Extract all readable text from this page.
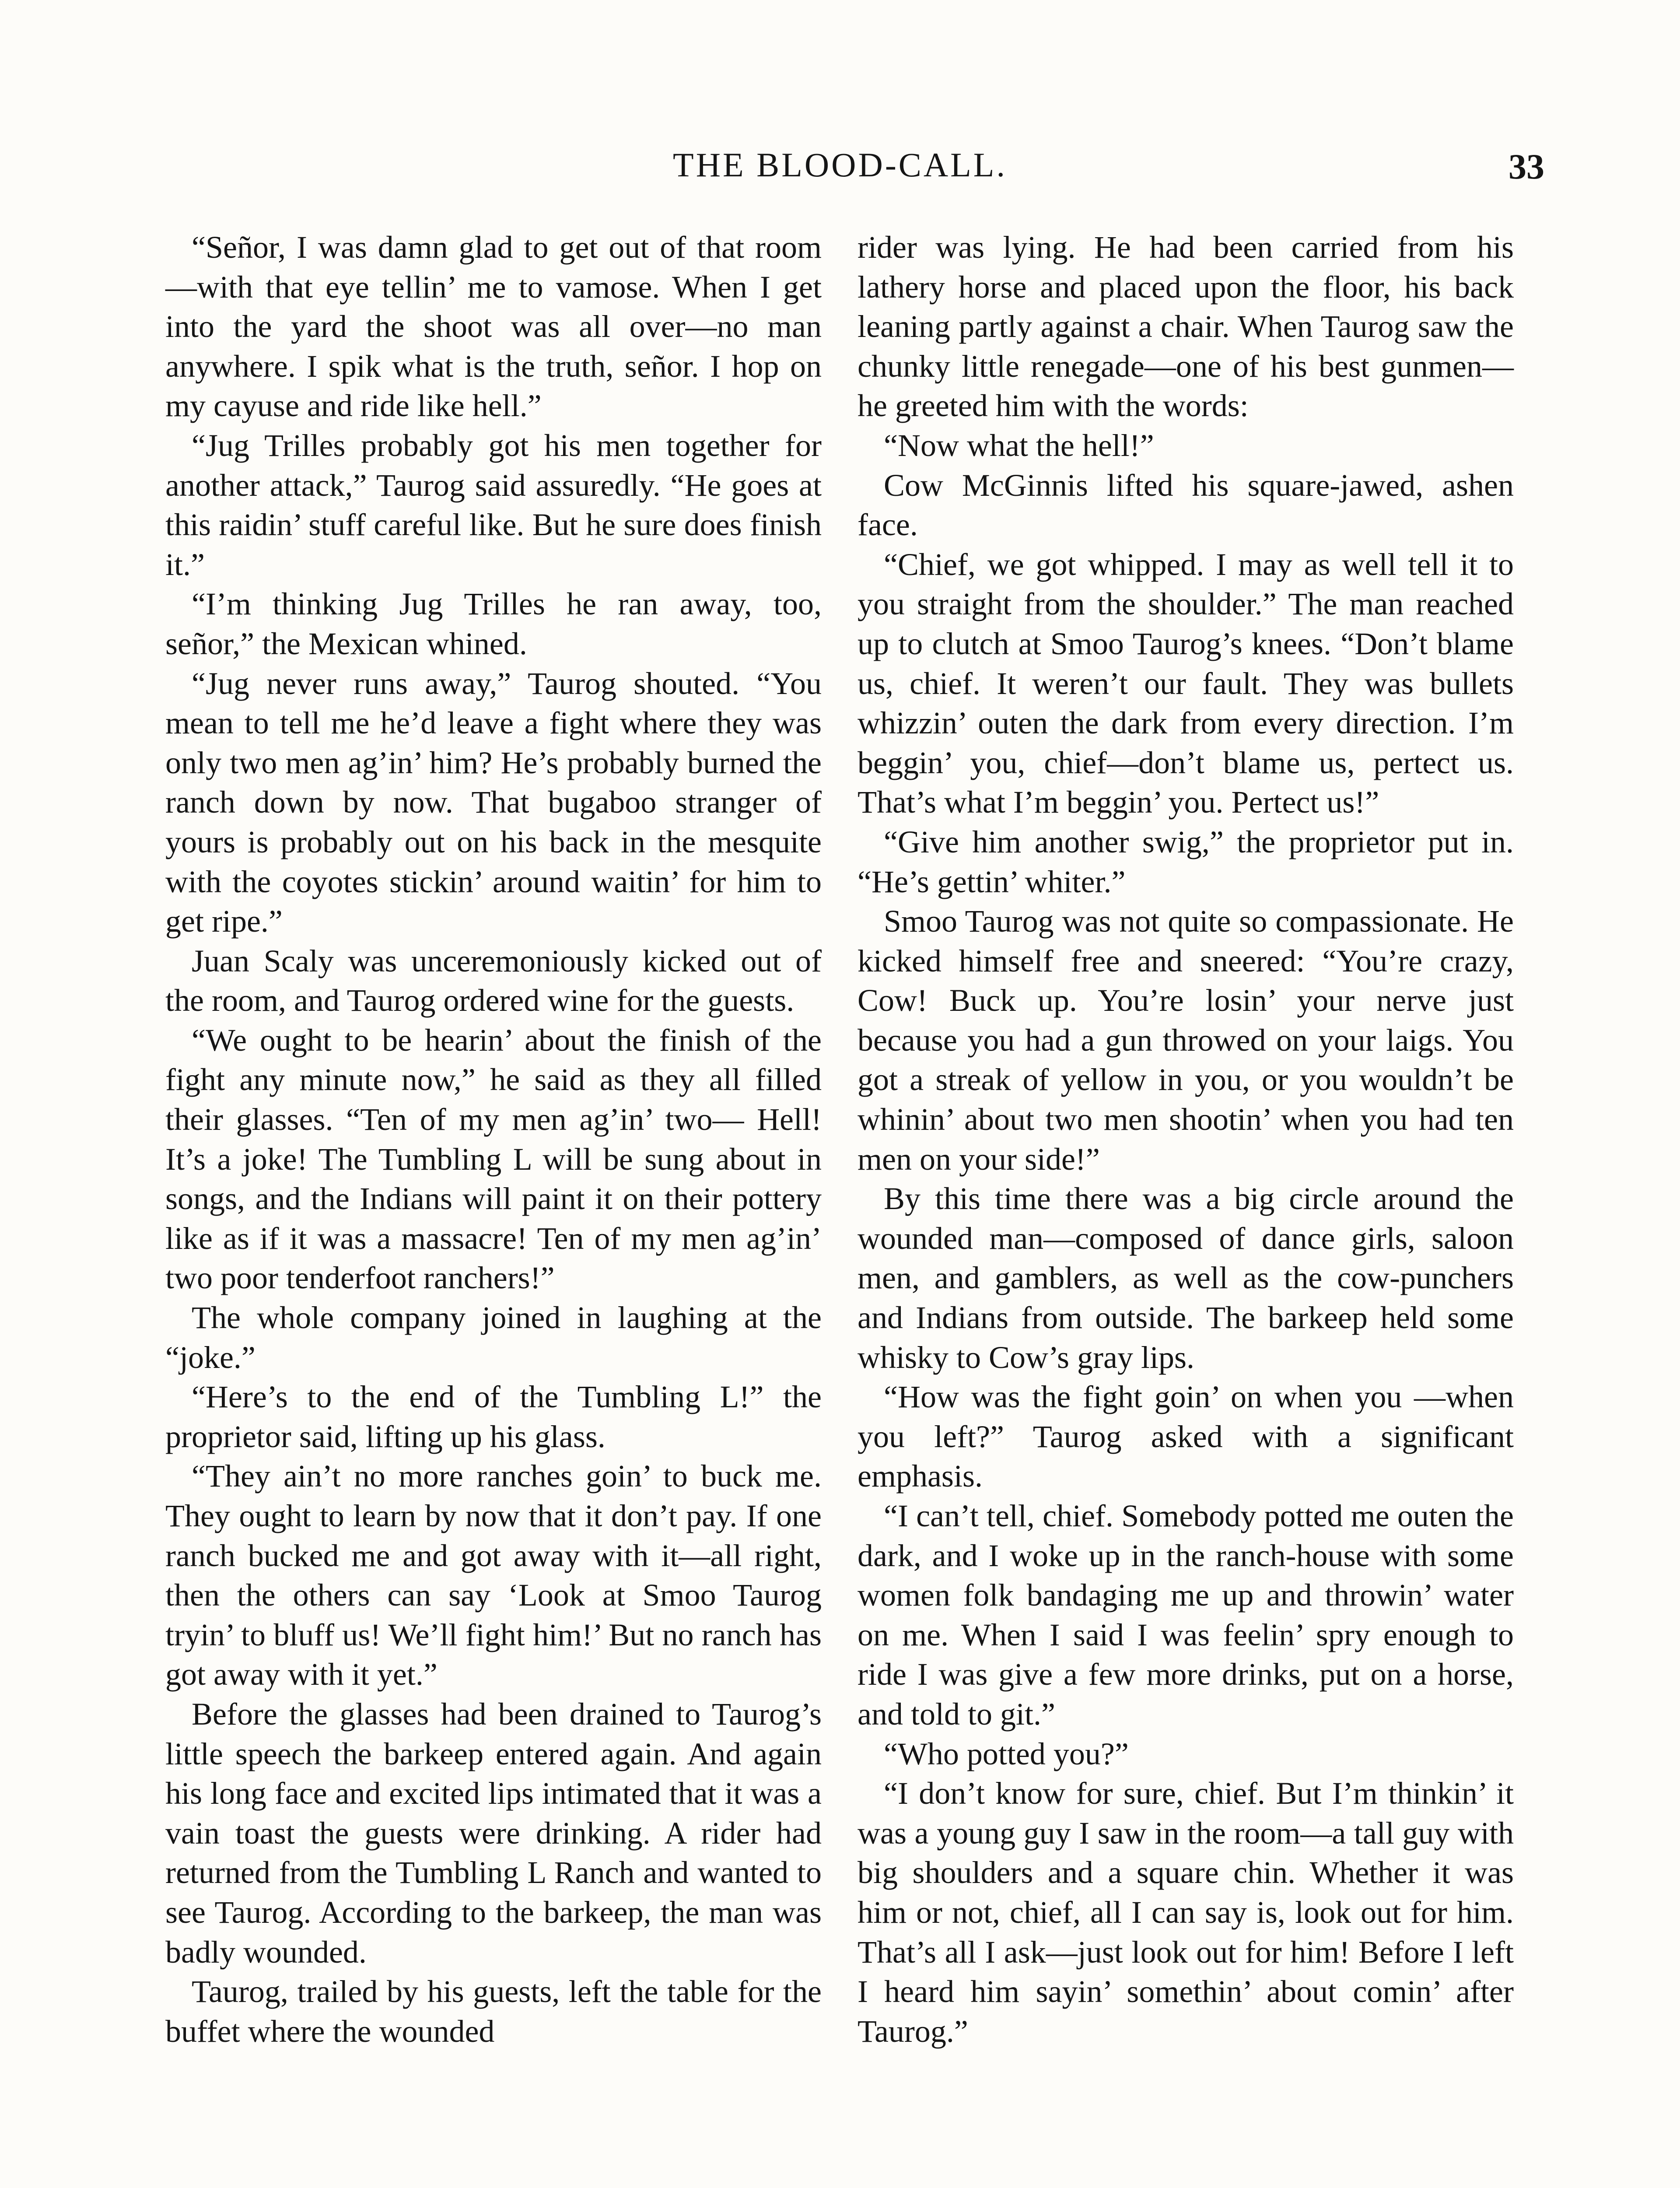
THE BLOOD-CALL.	33

“Señor, I was damn glad to get out of that room—with that eye tellin’ me to vamose. When I get into the yard the shoot was all over—no man anywhere. I spik what is the truth, señor. I hop on my cayuse and ride like hell.”

“Jug Trilles probably got his men together for another attack,” Taurog said assuredly. “He goes at this raidin’ stuff careful like. But he sure does finish it.”

“I’m thinking Jug Trilles he ran away, too, señor,” the Mexican whined.

“Jug never runs away,” Taurog shouted. “You mean to tell me he’d leave a fight where they was only two men ag’in’ him? He’s probably burned the ranch down by now. That bugaboo stranger of yours is probably out on his back in the mesquite with the coyotes stickin’ around waitin’ for him to get ripe.”

Juan Scaly was unceremoniously kicked out of the room, and Taurog ordered wine for the guests.

“We ought to be hearin’ about the finish of the fight any minute now,” he said as they all filled their glasses. “Ten of my men ag’in’ two— Hell! It’s a joke! The Tumbling L will be sung about in songs, and the Indians will paint it on their pottery like as if it was a massacre! Ten of my men ag’in’ two poor tenderfoot ranchers!”

The whole company joined in laughing at the “joke.”

“Here’s to the end of the Tumbling L!” the proprietor said, lifting up his glass.

“They ain’t no more ranches goin’ to buck me. They ought to learn by now that it don’t pay. If one ranch bucked me and got away with it—all right, then the others can say ‘Look at Smoo Taurog tryin’ to bluff us! We’ll fight him!’ But no ranch has got away with it yet.”

Before the glasses had been drained to Taurog’s little speech the barkeep entered again. And again his long face and excited lips intimated that it was a vain toast the guests were drinking. A rider had returned from the Tumbling L Ranch and wanted to see Taurog. According to the barkeep, the man was badly wounded.

Taurog, trailed by his guests, left the table for the buffet where the wounded

rider was lying. He had been carried from his lathery horse and placed upon the floor, his back leaning partly against a chair. When Taurog saw the chunky little renegade—one of his best gunmen—he greeted him with the words:

“Now what the hell!”

Cow McGinnis lifted his square-jawed, ashen face.

“Chief, we got whipped. I may as well tell it to you straight from the shoulder.” The man reached up to clutch at Smoo Taurog’s knees. “Don’t blame us, chief. It weren’t our fault. They was bullets whizzin’ outen the dark from every direction. I’m beggin’ you, chief—don’t blame us, pertect us. That’s what I’m beggin’ you. Pertect us!”

“Give him another swig,” the proprietor put in. “He’s gettin’ whiter.”

Smoo Taurog was not quite so compassionate. He kicked himself free and sneered: “You’re crazy, Cow! Buck up. You’re losin’ your nerve just because you had a gun throwed on your laigs. You got a streak of yellow in you, or you wouldn’t be whinin’ about two men shootin’ when you had ten men on your side!”

By this time there was a big circle around the wounded man—composed of dance girls, saloon men, and gamblers, as well as the cow-punchers and Indians from outside. The barkeep held some whisky to Cow’s gray lips.

“How was the fight goin’ on when you —when you left?” Taurog asked with a significant emphasis.

“I can’t tell, chief. Somebody potted me outen the dark, and I woke up in the ranch-house with some women folk bandaging me up and throwin’ water on me. When I said I was feelin’ spry enough to ride I was give a few more drinks, put on a horse, and told to git.”

“Who potted you?”

“I don’t know for sure, chief. But I’m thinkin’ it was a young guy I saw in the room—a tall guy with big shoulders and a square chin. Whether it was him or not, chief, all I can say is, look out for him. That’s all I ask—just look out for him! Before I left I heard him sayin’ somethin’ about comin’ after Taurog.”
